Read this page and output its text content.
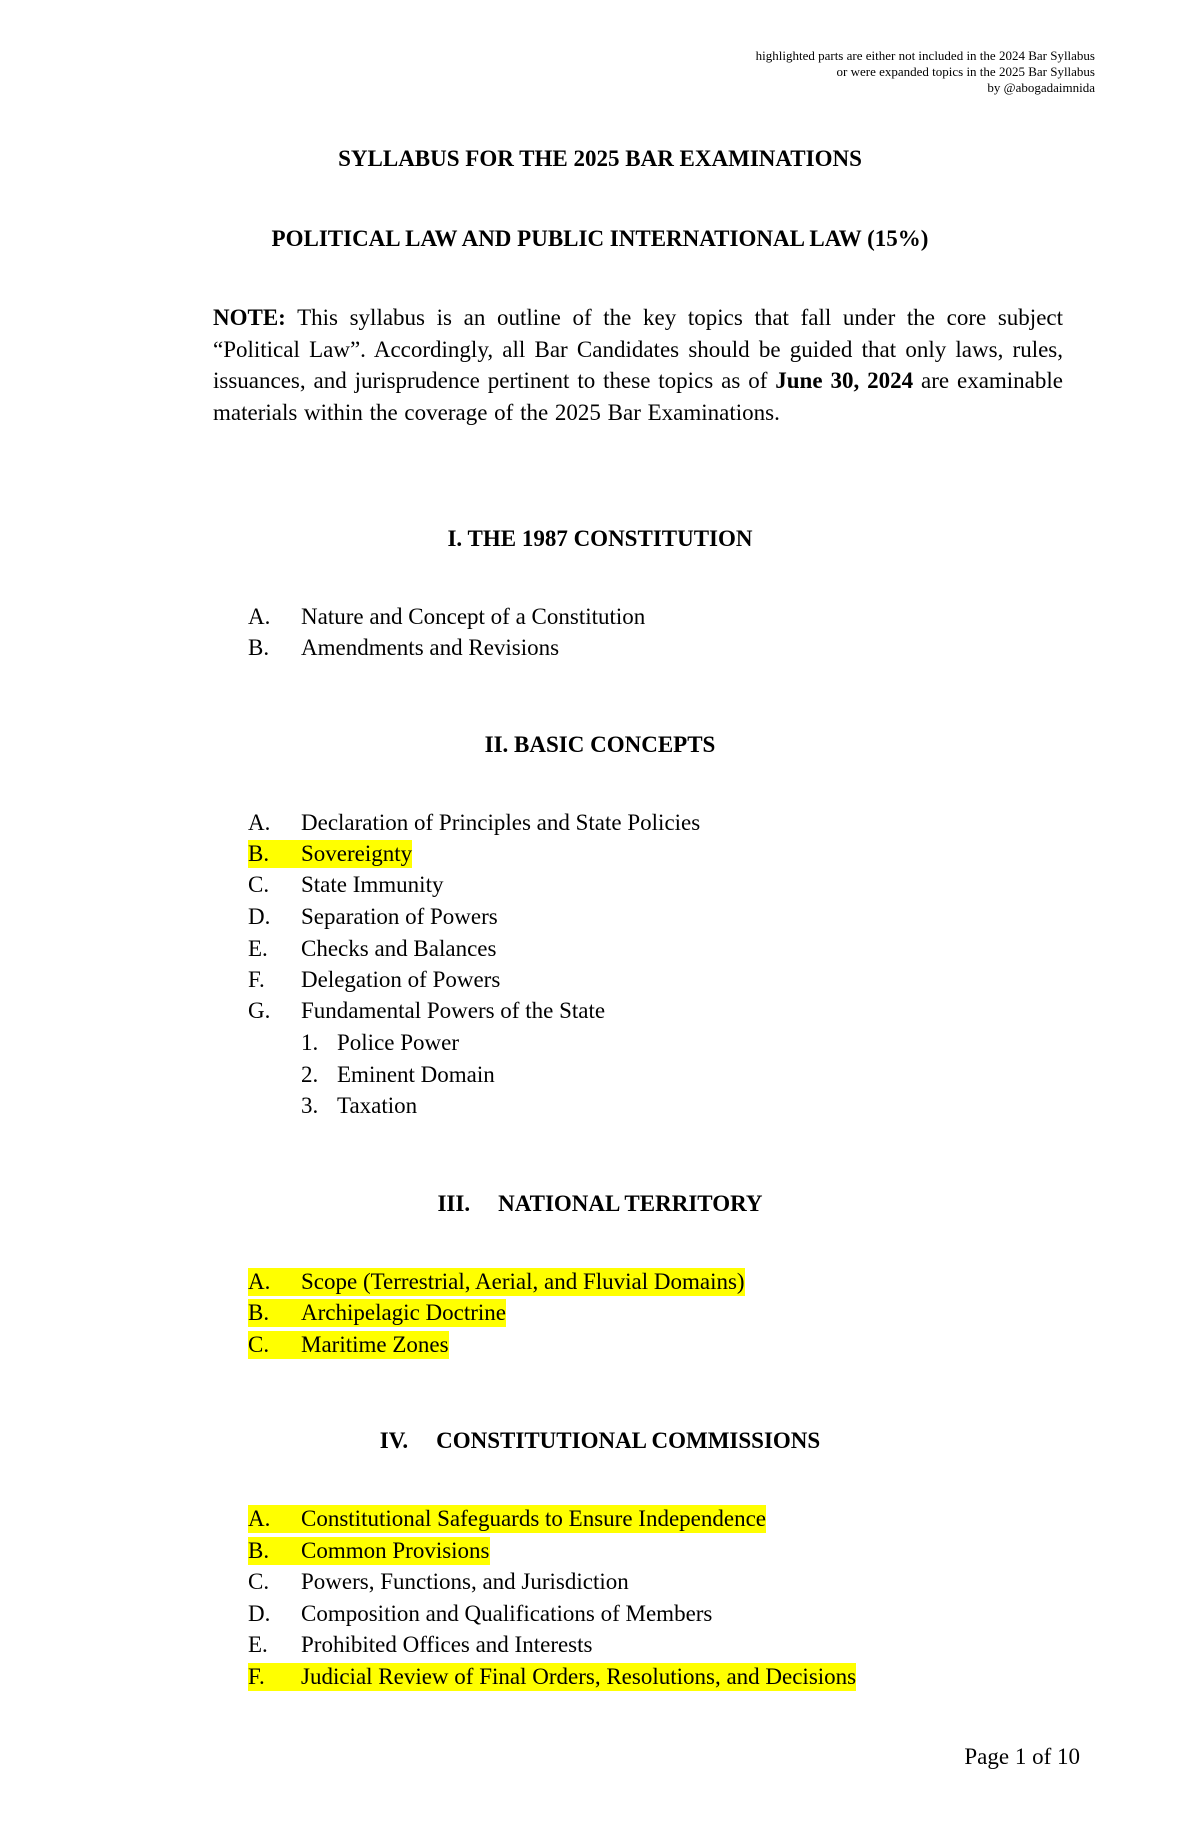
highlighted parts are either not included in the 2024 Bar Syllabus
or were expanded topics in the 2025 Bar Syllabus
by @abogadaimnida
SYLLABUS FOR THE 2025 BAR EXAMINATIONS
POLITICAL LAW AND PUBLIC INTERNATIONAL LAW (15%)
NOTE: This syllabus is an outline of the key topics that fall under the core subject “Political Law”. Accordingly, all Bar Candidates should be guided that only laws, rules, issuances, and jurisprudence pertinent to these topics as of June 30, 2024 are examinable materials within the coverage of the 2025 Bar Examinations.
I. THE 1987 CONSTITUTION
A. Nature and Concept of a Constitution
B. Amendments and Revisions
II. BASIC CONCEPTS
A. Declaration of Principles and State Policies
B.	Sovereignty
C. State Immunity
D. Separation of Powers
E. Checks and Balances
F. Delegation of Powers
G. Fundamental Powers of the State
1. Police Power
2. Eminent Domain
3. Taxation
III. NATIONAL TERRITORY
A.	Scope (Terrestrial, Aerial, and Fluvial Domains)
B.	Archipelagic Doctrine
C.	Maritime Zones
IV. CONSTITUTIONAL COMMISSIONS
A.	Constitutional Safeguards to Ensure Independence
B.	Common Provisions
C. Powers, Functions, and Jurisdiction
D. Composition and Qualifications of Members
E. Prohibited Offices and Interests
F.	Judicial Review of Final Orders, Resolutions, and Decisions
Page 1 of 10
